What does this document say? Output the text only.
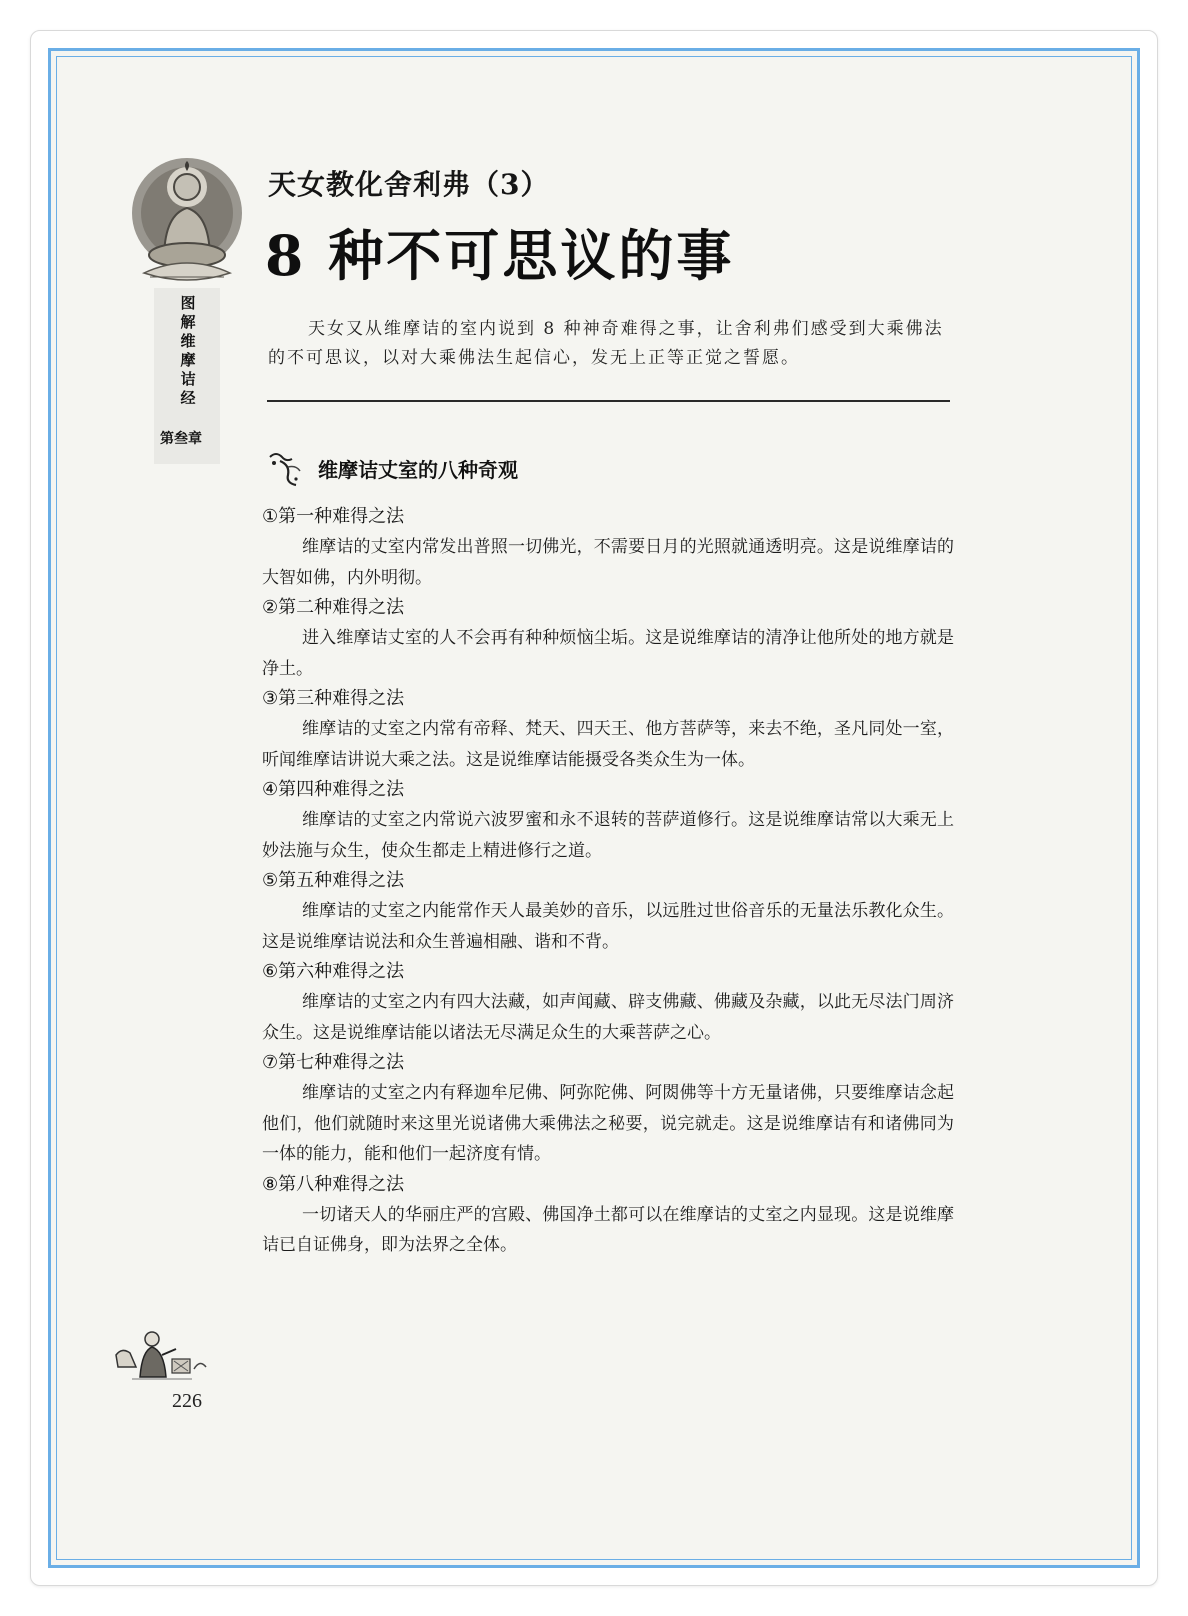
图解维摩诘经
第叁章
天女教化舍利弗（3）
8 种不可思议的事

天女又从维摩诘的室内说到 8 种神奇难得之事，让舍利弗们感受到大乘佛法的不可思议，以对大乘佛法生起信心，发无上正等正觉之誓愿。

维摩诘丈室的八种奇观
①第一种难得之法
维摩诘的丈室内常发出普照一切佛光，不需要日月的光照就通透明亮。这是说维摩诘的大智如佛，内外明彻。
②第二种难得之法
进入维摩诘丈室的人不会再有种种烦恼尘垢。这是说维摩诘的清净让他所处的地方就是净土。
③第三种难得之法
维摩诘的丈室之内常有帝释、梵天、四天王、他方菩萨等，来去不绝，圣凡同处一室，听闻维摩诘讲说大乘之法。这是说维摩诘能摄受各类众生为一体。
④第四种难得之法
维摩诘的丈室之内常说六波罗蜜和永不退转的菩萨道修行。这是说维摩诘常以大乘无上妙法施与众生，使众生都走上精进修行之道。
⑤第五种难得之法
维摩诘的丈室之内能常作天人最美妙的音乐，以远胜过世俗音乐的无量法乐教化众生。这是说维摩诘说法和众生普遍相融、谐和不背。
⑥第六种难得之法
维摩诘的丈室之内有四大法藏，如声闻藏、辟支佛藏、佛藏及杂藏，以此无尽法门周济众生。这是说维摩诘能以诸法无尽满足众生的大乘菩萨之心。
⑦第七种难得之法
维摩诘的丈室之内有释迦牟尼佛、阿弥陀佛、阿閦佛等十方无量诸佛，只要维摩诘念起他们，他们就随时来这里光说诸佛大乘佛法之秘要，说完就走。这是说维摩诘有和诸佛同为一体的能力，能和他们一起济度有情。
⑧第八种难得之法
一切诸天人的华丽庄严的宫殿、佛国净土都可以在维摩诘的丈室之内显现。这是说维摩诘已自证佛身，即为法界之全体。
226
